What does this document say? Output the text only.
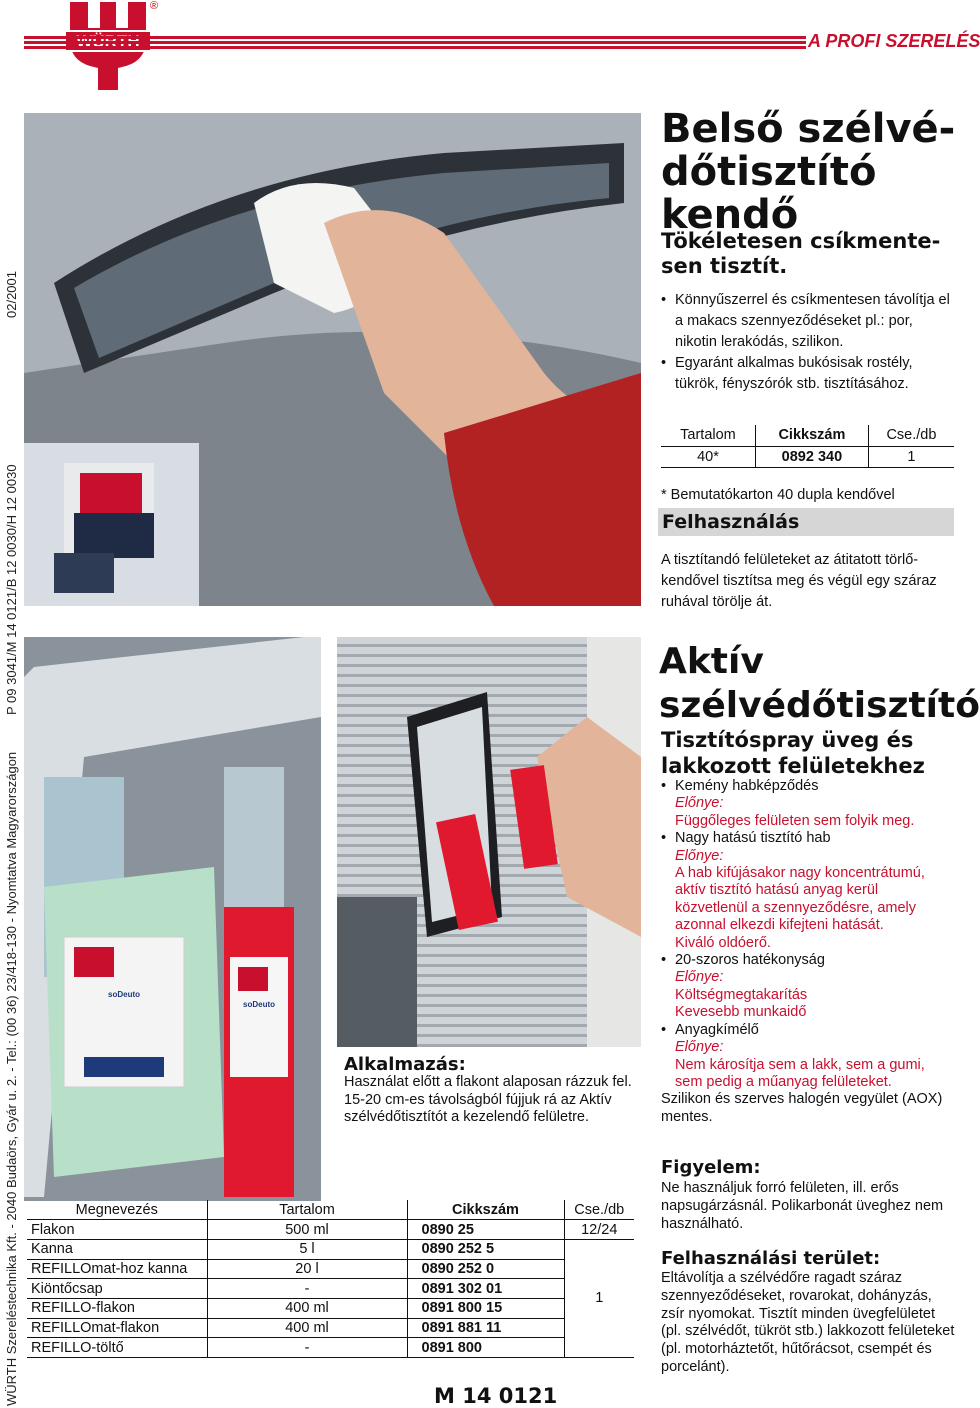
®
A PROFI SZERELÉS
02/2001
P 09 3041/M 14 0121/B 12 0030/H 12 0030
WÜRTH Szereléstechnika Kft. - 2040 Budaörs, Gyár u. 2. - Tel.: (00 36) 23/418-130 - Nyomtatva Magyarországon	soDeuto
soDeuto
Belső szélvé-
dőtisztító
kendő
Tökéletesen csíkmente-
sen tisztít.
• Könnyűszerrel és csíkmentesen távolítja el a makacs szennyeződéseket pl.: por, nikotin lerakódás, szilikon.
• Egyaránt alkalmas bukósisak rostély, tükrök, fényszórók stb. tisztításához.
Tartalom	Cikkszám	Cse./db
40*	0892 340	1
* Bemutatókarton 40 dupla kendővel
Felhasználás
A tisztítandó felületeket az átitatott törlő-kendővel tisztítsa meg és végül egy száraz ruhával törölje át.
Aktív
szélvédőtisztító
Tisztítóspray üveg és
lakkozott felületekhez
• Kemény habképződés
Előnye:
Függőleges felületen sem folyik meg.
• Nagy hatású tisztító hab
Előnye:
A hab kifújásakor nagy koncentrátumú,
aktív tisztító hatású anyag kerül
közvetlenül a szennyeződésre, amely
azonnal elkezdi kifejteni hatását.
Kiváló oldóerő.
• 20-szoros hatékonyság
Előnye:
Költségmegtakarítás
Kevesebb munkaidő
• Anyagkímélő
Előnye:
Nem károsítja sem a lakk, sem a gumi,
sem pedig a műanyag felületeket.
Szilikon és szerves halogén vegyület (AOX) mentes.
Figyelem:
Ne használjuk forró felületen, ill. erős napsugárzásnál. Polikarbonát üveghez nem használható.
Felhasználási terület:
Eltávolítja a szélvédőre ragadt száraz szennyeződéseket, rovarokat, dohányzás, zsír nyomokat. Tisztít minden üvegfelületet (pl. szélvédőt, tükröt stb.) lakkozott felületeket (pl. motorháztetőt, hűtőrácsot, csempét és porcelánt).
Alkalmazás:
Használat előtt a flakont alaposan rázzuk fel. 15-20 cm-es távolságból fújjuk rá az Aktív szélvédőtisztítót a kezelendő felületre.
Megnevezés	Tartalom	Cikkszám	Cse./db
Flakon	500 ml	0890 25	12/24
Kanna	5 l	0890 252 5	1
REFILLOmat-hoz kanna	20 l	0890 252 0	
Kiöntőcsap	-	0891 302 01	
REFILLO-flakon	400 ml	0891 800 15	
REFILLOmat-flakon	400 ml	0891 881 11	
REFILLO-töltő	-	0891 800	
M 14 0121
